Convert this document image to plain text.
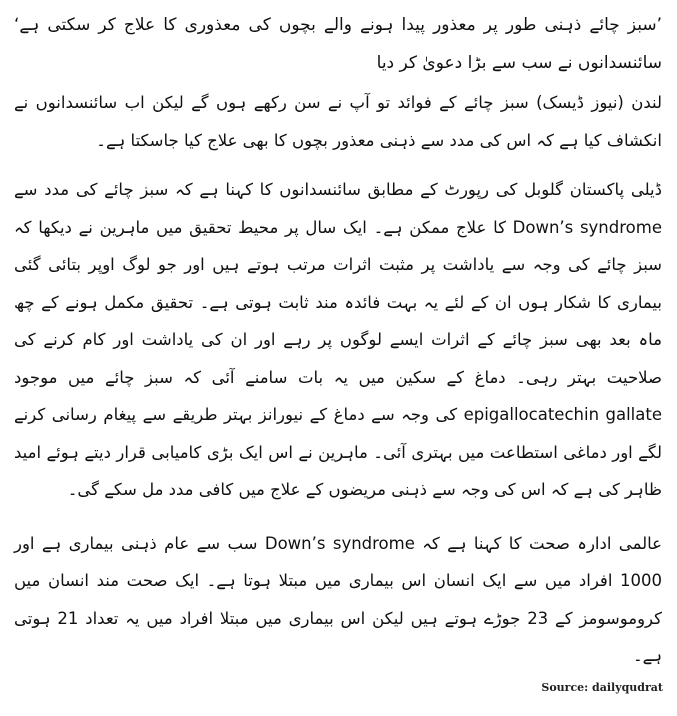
’سبز چائے ذہنی طور پر معذور پیدا ہونے والے بچوں کی معذوری کا علاج کر سکتی ہے‘ سائنسدانوں نے سب سے بڑا دعویٰ کر دیا

لندن (نیوز ڈیسک) سبز چائے کے فوائد تو آپ نے سن رکھے ہوں گے لیکن اب سائنسدانوں نے انکشاف کیا ہے کہ اس کی مدد سے ذہنی معذور بچوں کا بھی علاج کیا جاسکتا ہے۔

ڈیلی پاکستان گلوبل کی رپورٹ کے مطابق سائنسدانوں کا کہنا ہے کہ سبز چائے کی مدد سے Down’s syndrome کا علاج ممکن ہے۔ ایک سال پر محیط تحقیق میں ماہرین نے دیکھا کہ سبز چائے کی وجہ سے یاداشت پر مثبت اثرات مرتب ہوتے ہیں اور جو لوگ اوپر بتائی گئی بیماری کا شکار ہوں ان کے لئے یہ بہت فائدہ مند ثابت ہوتی ہے۔ تحقیق مکمل ہونے کے چھ ماہ بعد بھی سبز چائے کے اثرات ایسے لوگوں پر رہے اور ان کی یاداشت اور کام کرنے کی صلاحیت بہتر رہی۔ دماغ کے سکین میں یہ بات سامنے آئی کہ سبز چائے میں موجود epigallocatechin gallate کی وجہ سے دماغ کے نیورانز بہتر طریقے سے پیغام رسانی کرنے لگے اور دماغی استطاعت میں بہتری آئی۔ ماہرین نے اس ایک بڑی کامیابی قرار دیتے ہوئے امید ظاہر کی ہے کہ اس کی وجہ سے ذہنی مریضوں کے علاج میں کافی مدد مل سکے گی۔

عالمی ادارہ صحت کا کہنا ہے کہ Down’s syndrome سب سے عام ذہنی بیماری ہے اور 1000 افراد میں سے ایک انسان اس بیماری میں مبتلا ہوتا ہے۔ ایک صحت مند انسان میں کروموسومز کے 23 جوڑے ہوتے ہیں لیکن اس بیماری میں مبتلا افراد میں یہ تعداد 21 ہوتی ہے۔

Source: dailyqudrat
